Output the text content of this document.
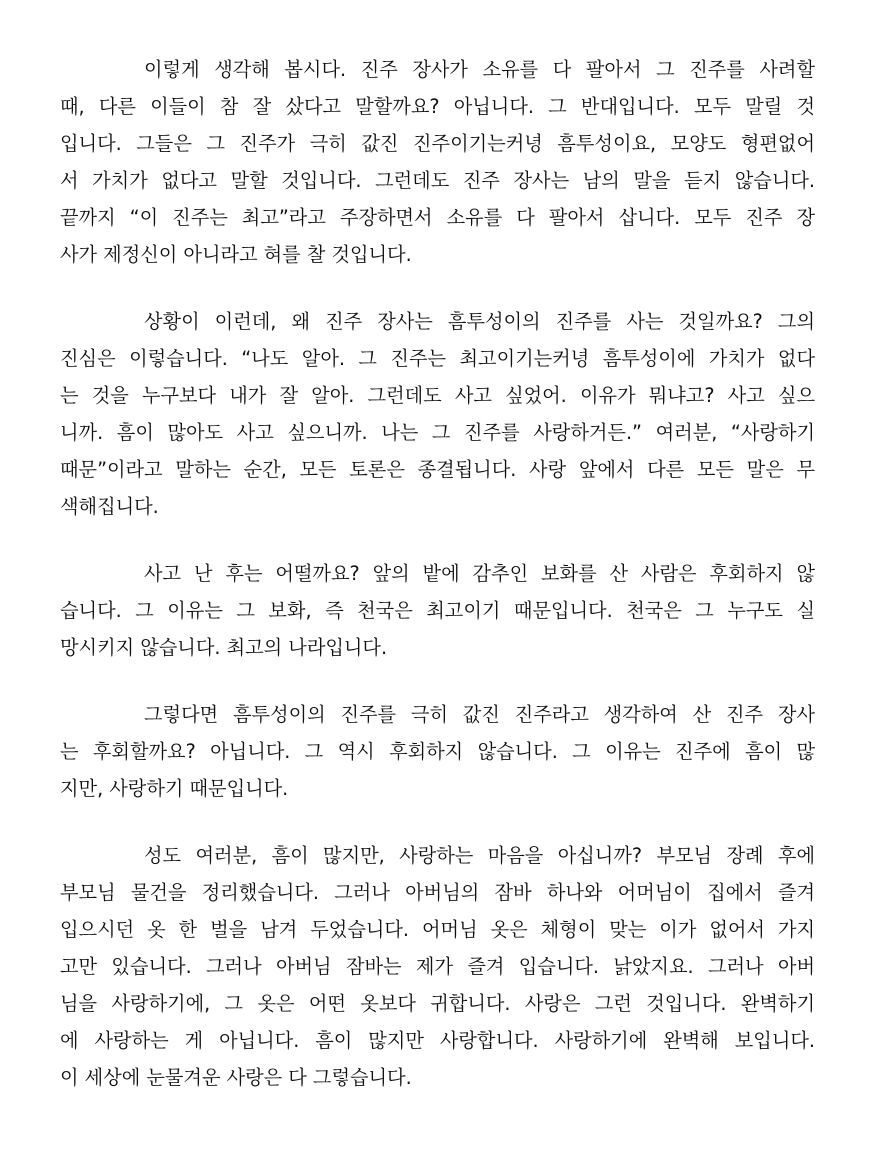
이렇게 생각해 봅시다. 진주 장사가 소유를 다 팔아서 그 진주를 사려할
때, 다른 이들이 참 잘 샀다고 말할까요? 아닙니다. 그 반대입니다. 모두 말릴 것
입니다. 그들은 그 진주가 극히 값진 진주이기는커녕 흠투성이요, 모양도 형편없어
서 가치가 없다고 말할 것입니다. 그런데도 진주 장사는 남의 말을 듣지 않습니다.
끝까지 “이 진주는 최고”라고 주장하면서 소유를 다 팔아서 삽니다. 모두 진주 장
사가 제정신이 아니라고 혀를 찰 것입니다.
상황이 이런데, 왜 진주 장사는 흠투성이의 진주를 사는 것일까요? 그의
진심은 이렇습니다. “나도 알아. 그 진주는 최고이기는커녕 흠투성이에 가치가 없다
는 것을 누구보다 내가 잘 알아. 그런데도 사고 싶었어. 이유가 뭐냐고? 사고 싶으
니까. 흠이 많아도 사고 싶으니까. 나는 그 진주를 사랑하거든.” 여러분, “사랑하기
때문”이라고 말하는 순간, 모든 토론은 종결됩니다. 사랑 앞에서 다른 모든 말은 무
색해집니다.
사고 난 후는 어떨까요? 앞의 밭에 감추인 보화를 산 사람은 후회하지 않
습니다. 그 이유는 그 보화, 즉 천국은 최고이기 때문입니다. 천국은 그 누구도 실
망시키지 않습니다. 최고의 나라입니다.
그렇다면 흠투성이의 진주를 극히 값진 진주라고 생각하여 산 진주 장사
는 후회할까요? 아닙니다. 그 역시 후회하지 않습니다. 그 이유는 진주에 흠이 많
지만, 사랑하기 때문입니다.
성도 여러분, 흠이 많지만, 사랑하는 마음을 아십니까? 부모님 장례 후에
부모님 물건을 정리했습니다. 그러나 아버님의 잠바 하나와 어머님이 집에서 즐겨
입으시던 옷 한 벌을 남겨 두었습니다. 어머님 옷은 체형이 맞는 이가 없어서 가지
고만 있습니다. 그러나 아버님 잠바는 제가 즐겨 입습니다. 낡았지요. 그러나 아버
님을 사랑하기에, 그 옷은 어떤 옷보다 귀합니다. 사랑은 그런 것입니다. 완벽하기
에 사랑하는 게 아닙니다. 흠이 많지만 사랑합니다. 사랑하기에 완벽해 보입니다.
이 세상에 눈물겨운 사랑은 다 그렇습니다.
